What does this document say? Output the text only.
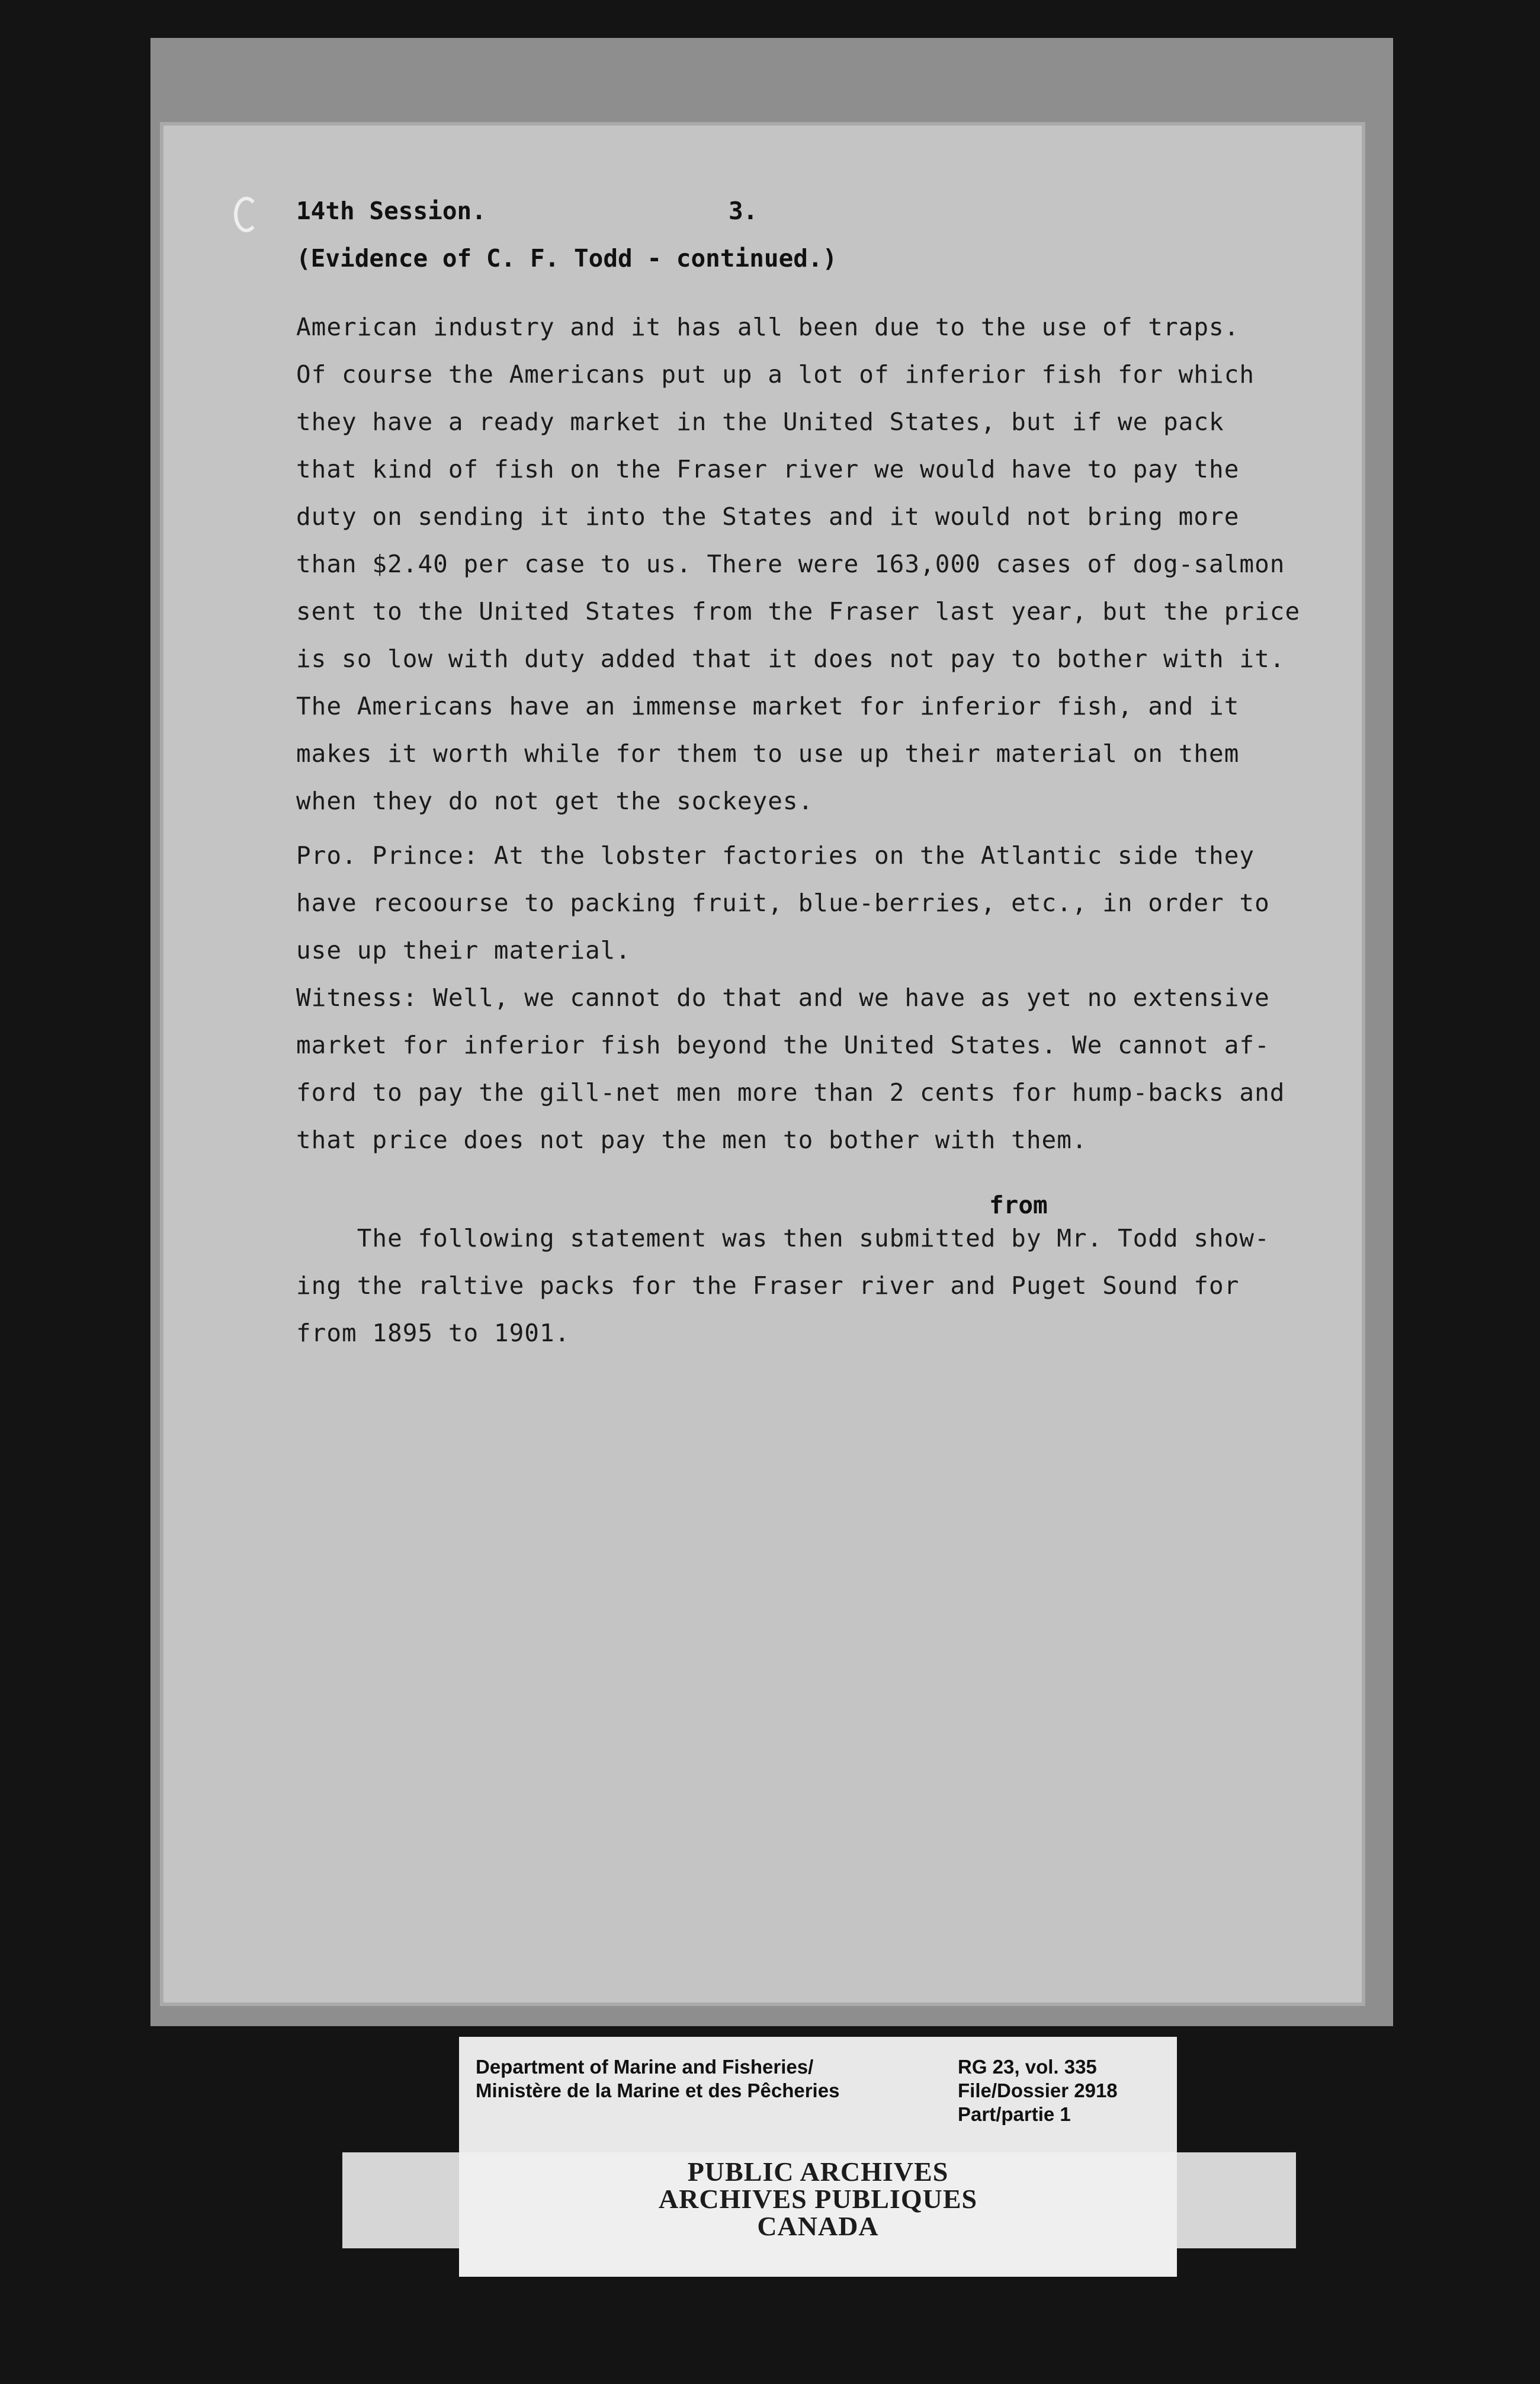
14th Session.	3.
(Evidence of C. F. Todd - continued.)
American industry and it has all been due to the use of traps.
Of course the Americans put up a lot of inferior fish for which
they have a ready market in the United States, but if we pack
that kind of fish on the Fraser river we would have to pay the
duty on sending it into the States and it would not bring more
than $2.40 per case to us. There were 163,000 cases of dog-salmon
sent to the United States from the Fraser last year, but the price
is so low with duty added that it does not pay to bother with it.
The Americans have an immense market for inferior fish, and it
makes it worth while for them to use up their material on them
when they do not get the sockeyes.
Pro. Prince: At the lobster factories on the Atlantic side they
have recoourse to packing fruit, blue-berries, etc., in order to
use up their material.
Witness: Well, we cannot do that and we have as yet no extensive
market for inferior fish beyond the United States. We cannot af-
ford to pay the gill-net men more than 2 cents for hump-backs and
that price does not pay the men to bother with them.
from
The following statement was then submitted by Mr. Todd show-
ing the raltive packs for the Fraser river and Puget Sound for
from 1895 to 1901.
Department of Marine and Fisheries/
Ministère de la Marine et des Pêcheries
RG 23, vol. 335
File/Dossier 2918
Part/partie 1
PUBLIC ARCHIVES
ARCHIVES PUBLIQUES
CANADA
